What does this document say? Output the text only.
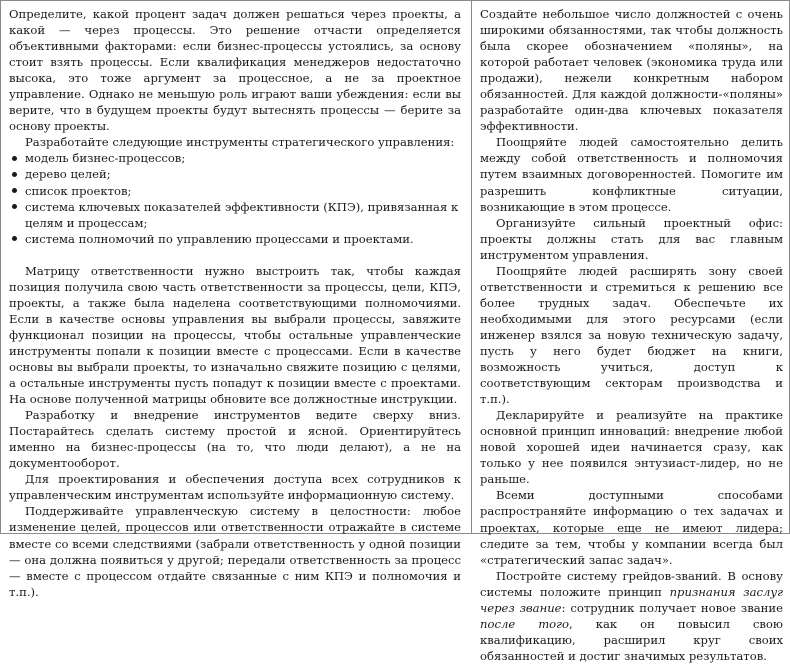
Определите, какой процент задач должен решаться через проекты, а какой — через процессы. Это решение отчасти определяется объективными факторами: если бизнес-процессы устоялись, за основу стоит взять процессы. Если квалификация менеджеров недостаточно высока, это тоже аргумент за процессное, а не за проектное управление. Однако не меньшую роль играют ваши убеждения: если вы верите, что в будущем проекты будут вытеснять процессы — берите за основу проекты.

Разработайте следующие инструменты стратегического управления:

модель бизнес-процессов;
дерево целей;
список проектов;
система ключевых показателей эффективности (КПЭ), привязанная к целям и процессам;
система полномочий по управлению процессами и проектами.

Матрицу ответственности нужно выстроить так, чтобы каждая позиция получила свою часть ответственности за процессы, цели, КПЭ, проекты, а также была наделена соответствующими полномочиями. Если в качестве основы управления вы выбрали процессы, завяжите функционал позиции на процессы, чтобы остальные управленческие инструменты попали к позиции вместе с процессами. Если в качестве основы вы выбрали проекты, то изначально свяжите позицию с целями, а остальные инструменты пусть попадут к позиции вместе с проектами. На основе полученной матрицы обновите все должностные инструкции.

Разработку и внедрение инструментов ведите сверху вниз. Постарайтесь сделать систему простой и ясной. Ориентируйтесь именно на бизнес-процессы (на то, что люди делают), а не на документооборот.

Для проектирования и обеспечения доступа всех сотрудников к управленческим инструментам используйте информационную систему.

Поддерживайте управленческую систему в целостности: любое изменение целей, процессов или ответственности отражайте в системе вместе со всеми следствиями (забрали ответственность у одной позиции — она должна появиться у другой; передали ответственность за процесс — вместе с процессом отдайте связанные с ним КПЭ и полномочия и т.п.).

Создайте небольшое число должностей с очень широкими обязанностями, так чтобы должность была скорее обозначением «поляны», на которой работает человек (экономика труда или продажи), нежели конкретным набором обязанностей. Для каждой должности-«поляны» разработайте один-два ключевых показателя эффективности.

Поощряйте людей самостоятельно делить между собой ответственность и полномочия путем взаимных договоренностей. Помогите им разрешить конфликтные ситуации, возникающие в этом процессе.

Организуйте сильный проектный офис: проекты должны стать для вас главным инструментом управления.

Поощряйте людей расширять зону своей ответственности и стремиться к решению все более трудных задач. Обеспечьте их необходимыми для этого ресурсами (если инженер взялся за новую техническую задачу, пусть у него будет бюджет на книги, возможность учиться, доступ к соответствующим секторам производства и т.п.).

Декларируйте и реализуйте на практике основной принцип инноваций: внедрение любой новой хорошей идеи начинается сразу, как только у нее появился энтузиаст-лидер, но не раньше.

Всеми доступными способами распространяйте информацию о тех задачах и проектах, которые еще не имеют лидера; следите за тем, чтобы у компании всегда был «стратегический запас задач».

Постройте систему грейдов-званий. В основу системы положите принцип признания заслуг через звание: сотрудник получает новое звание после того, как он повысил свою квалификацию, расширил круг своих обязанностей и достиг значимых результатов.
